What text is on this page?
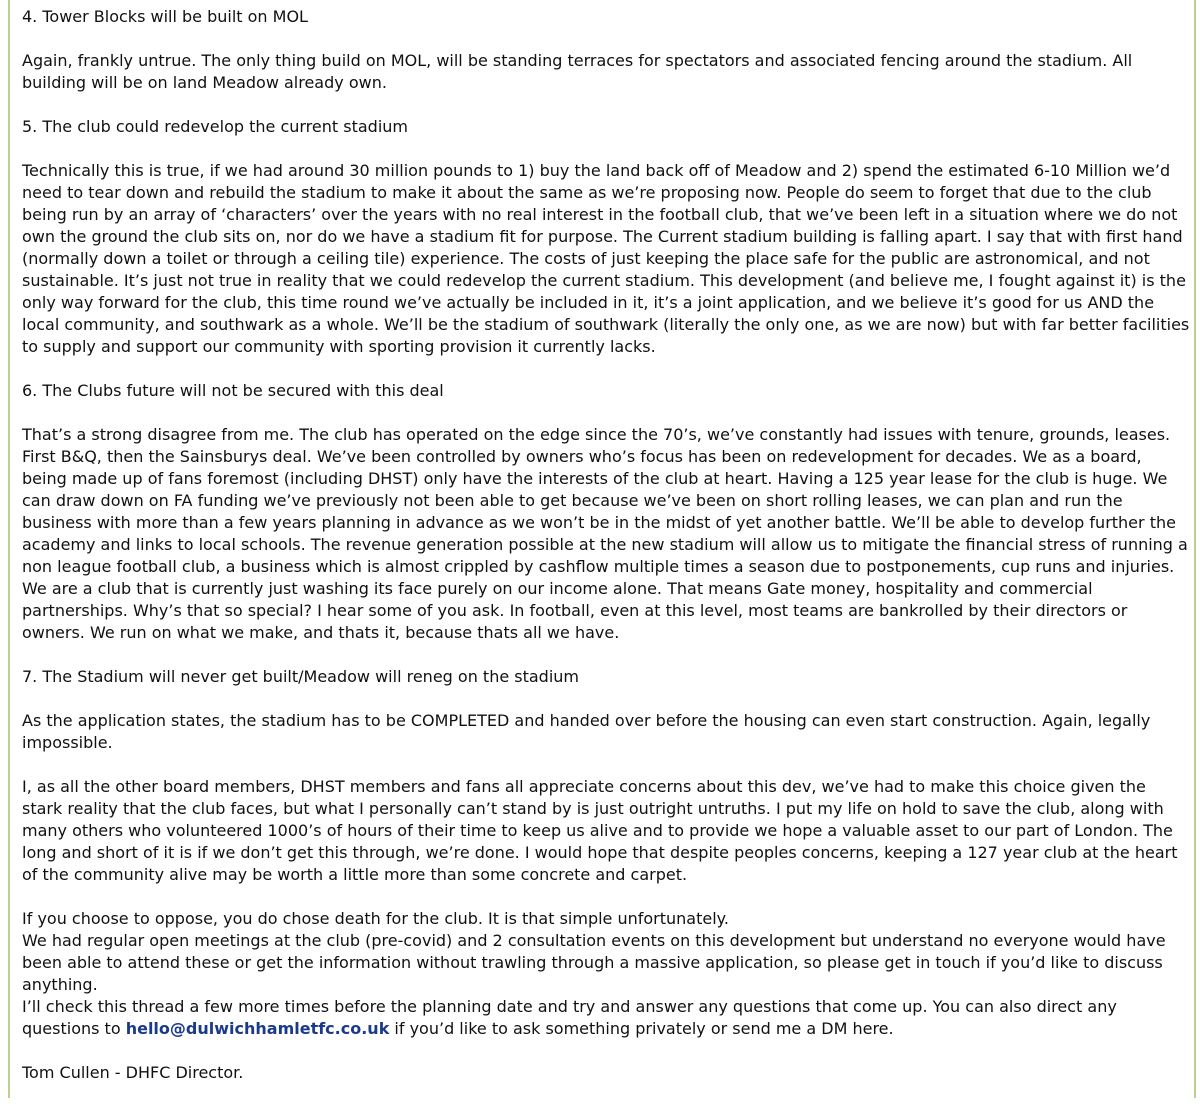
4. Tower Blocks will be built on MOL

Again, frankly untrue. The only thing build on MOL, will be standing terraces for spectators and associated fencing around the stadium. All building will be on land Meadow already own.

5. The club could redevelop the current stadium

Technically this is true, if we had around 30 million pounds to 1) buy the land back off of Meadow and 2) spend the estimated 6-10 Million we’d need to tear down and rebuild the stadium to make it about the same as we’re proposing now. People do seem to forget that due to the club being run by an array of ‘characters’ over the years with no real interest in the football club, that we’ve been left in a situation where we do not own the ground the club sits on, nor do we have a stadium fit for purpose. The Current stadium building is falling apart. I say that with first hand (normally down a toilet or through a ceiling tile) experience. The costs of just keeping the place safe for the public are astronomical, and not sustainable. It’s just not true in reality that we could redevelop the current stadium. This development (and believe me, I fought against it) is the only way forward for the club, this time round we’ve actually be included in it, it’s a joint application, and we believe it’s good for us AND the local community, and southwark as a whole. We’ll be the stadium of southwark (literally the only one, as we are now) but with far better facilities to supply and support our community with sporting provision it currently lacks.

6. The Clubs future will not be secured with this deal

That’s a strong disagree from me. The club has operated on the edge since the 70’s, we’ve constantly had issues with tenure, grounds, leases. First B&Q, then the Sainsburys deal. We’ve been controlled by owners who’s focus has been on redevelopment for decades. We as a board, being made up of fans foremost (including DHST) only have the interests of the club at heart. Having a 125 year lease for the club is huge. We can draw down on FA funding we’ve previously not been able to get because we’ve been on short rolling leases, we can plan and run the business with more than a few years planning in advance as we won’t be in the midst of yet another battle. We’ll be able to develop further the academy and links to local schools. The revenue generation possible at the new stadium will allow us to mitigate the financial stress of running a non league football club, a business which is almost crippled by cashflow multiple times a season due to postponements, cup runs and injuries. We are a club that is currently just washing its face purely on our income alone. That means Gate money, hospitality and commercial partnerships. Why’s that so special? I hear some of you ask. In football, even at this level, most teams are bankrolled by their directors or owners. We run on what we make, and thats it, because thats all we have.

7. The Stadium will never get built/Meadow will reneg on the stadium

As the application states, the stadium has to be COMPLETED and handed over before the housing can even start construction. Again, legally impossible.

I, as all the other board members, DHST members and fans all appreciate concerns about this dev, we’ve had to make this choice given the stark reality that the club faces, but what I personally can’t stand by is just outright untruths. I put my life on hold to save the club, along with many others who volunteered 1000’s of hours of their time to keep us alive and to provide we hope a valuable asset to our part of London. The long and short of it is if we don’t get this through, we’re done. I would hope that despite peoples concerns, keeping a 127 year club at the heart of the community alive may be worth a little more than some concrete and carpet.

If you choose to oppose, you do chose death for the club. It is that simple unfortunately.

We had regular open meetings at the club (pre-covid) and 2 consultation events on this development but understand no everyone would have been able to attend these or get the information without trawling through a massive application, so please get in touch if you’d like to discuss anything.

I’ll check this thread a few more times before the planning date and try and answer any questions that come up. You can also direct any questions to hello@dulwichhamletfc.co.uk if you’d like to ask something privately or send me a DM here.

Tom Cullen - DHFC Director.
